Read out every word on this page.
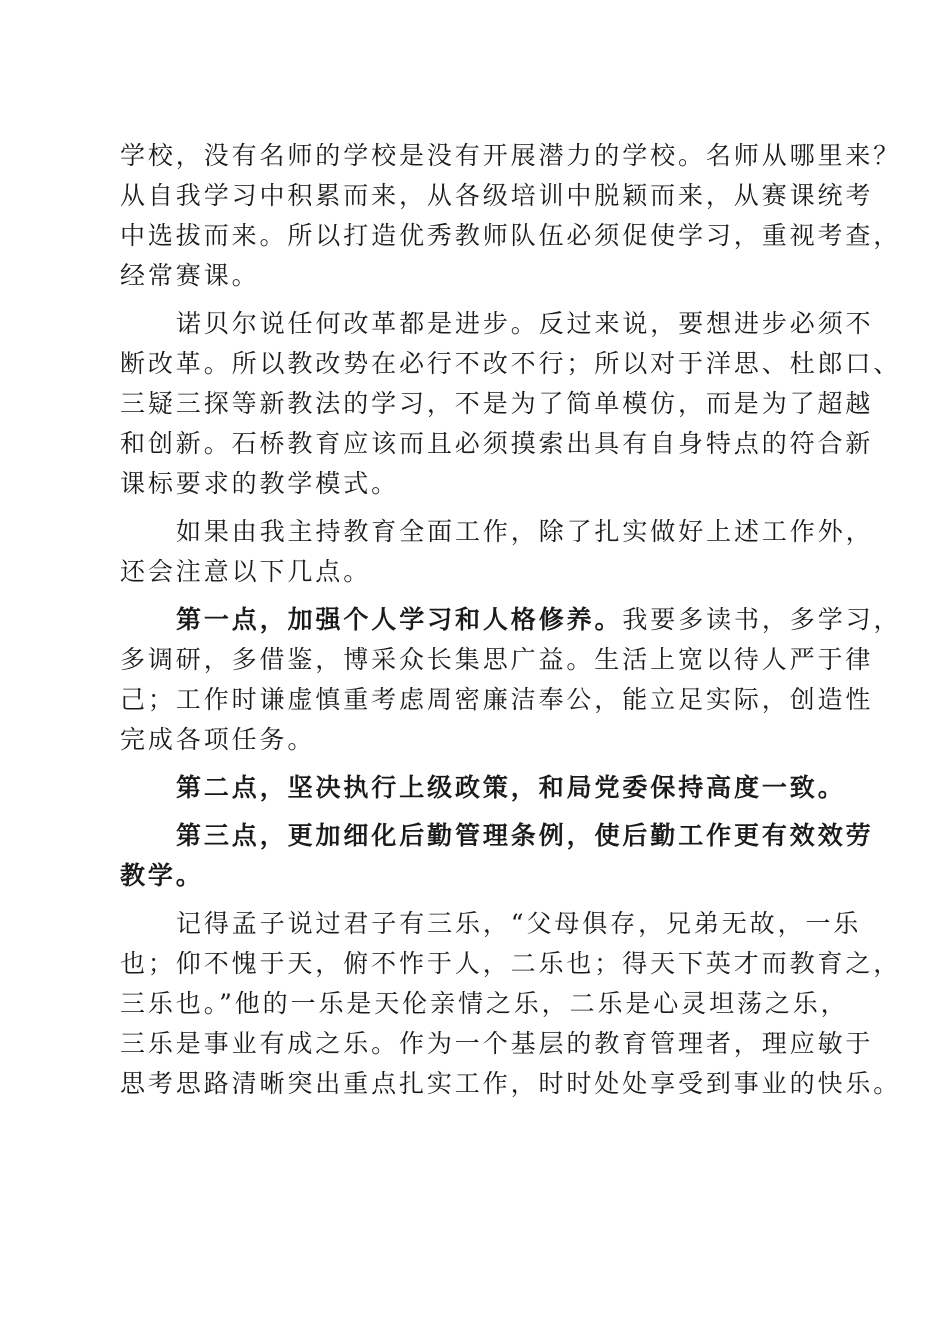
学校，没有名师的学校是没有开展潜力的学校。名师从哪里来？
从自我学习中积累而来，从各级培训中脱颖而来，从赛课统考
中选拔而来。所以打造优秀教师队伍必须促使学习，重视考查，
经常赛课。
诺贝尔说任何改革都是进步。反过来说，要想进步必须不
断改革。所以教改势在必行不改不行；所以对于洋思、杜郎口、
三疑三探等新教法的学习，不是为了简单模仿，而是为了超越
和创新。石桥教育应该而且必须摸索出具有自身特点的符合新
课标要求的教学模式。
如果由我主持教育全面工作，除了扎实做好上述工作外，
还会注意以下几点。
第一点，加强个人学习和人格修养。我要多读书，多学习，
多调研，多借鉴，博采众长集思广益。生活上宽以待人严于律
己；工作时谦虚慎重考虑周密廉洁奉公，能立足实际，创造性
完成各项任务。
第二点，坚决执行上级政策，和局党委保持高度一致。
第三点，更加细化后勤管理条例，使后勤工作更有效效劳
教学。
记得孟子说过君子有三乐，“父母俱存，兄弟无故，一乐
也；仰不愧于天，俯不怍于人，二乐也；得天下英才而教育之，
三乐也。”他的一乐是天伦亲情之乐，二乐是心灵坦荡之乐，
三乐是事业有成之乐。作为一个基层的教育管理者，理应敏于
思考思路清晰突出重点扎实工作，时时处处享受到事业的快乐。
